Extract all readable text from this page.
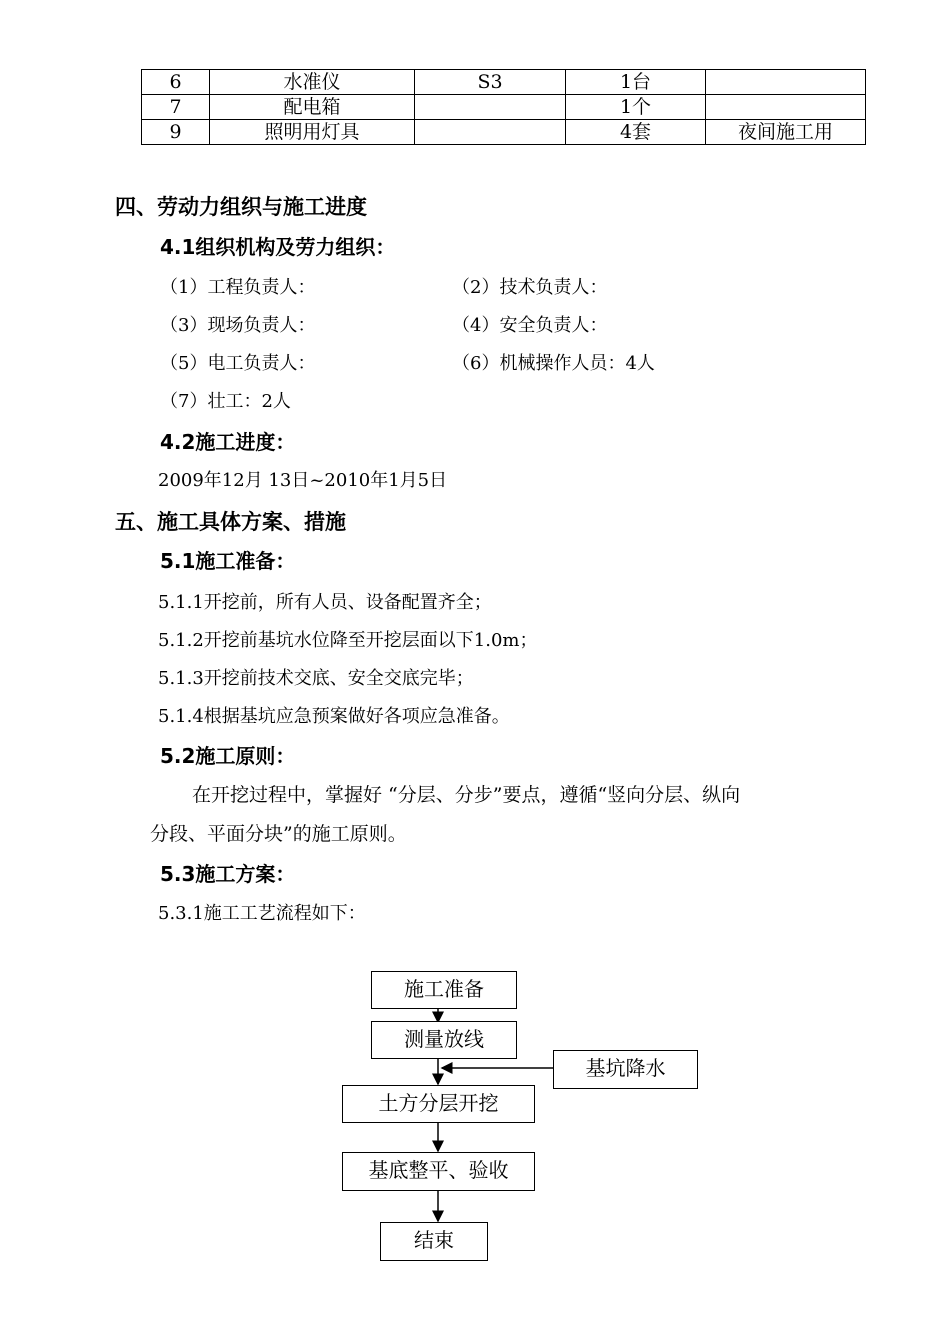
6	水准仪	S3	1台	
7	配电箱		1个	
9	照明用灯具		4套	夜间施工用
四、劳动力组织与施工进度
4.1组织机构及劳力组织：
（1）工程负责人：	（2）技术负责人：
（3）现场负责人：	（4）安全负责人：
（5）电工负责人：	（6）机械操作人员：4人
（7）壮工：2人
4.2施工进度：
2009年12月 13日~2010年1月5日
五、施工具体方案、措施
5.1施工准备：
5.1.1开挖前，所有人员、设备配置齐全；
5.1.2开挖前基坑水位降至开挖层面以下1.0m；
5.1.3开挖前技术交底、安全交底完毕；
5.1.4根据基坑应急预案做好各项应急准备。
5.2施工原则：
在开挖过程中，掌握好 “分层、分步”要点，遵循“竖向分层、纵向
分段、平面分块”的施工原则。
5.3施工方案：
5.3.1施工工艺流程如下：
施工准备
测量放线
基坑降水
土方分层开挖
基底整平、验收
结束
